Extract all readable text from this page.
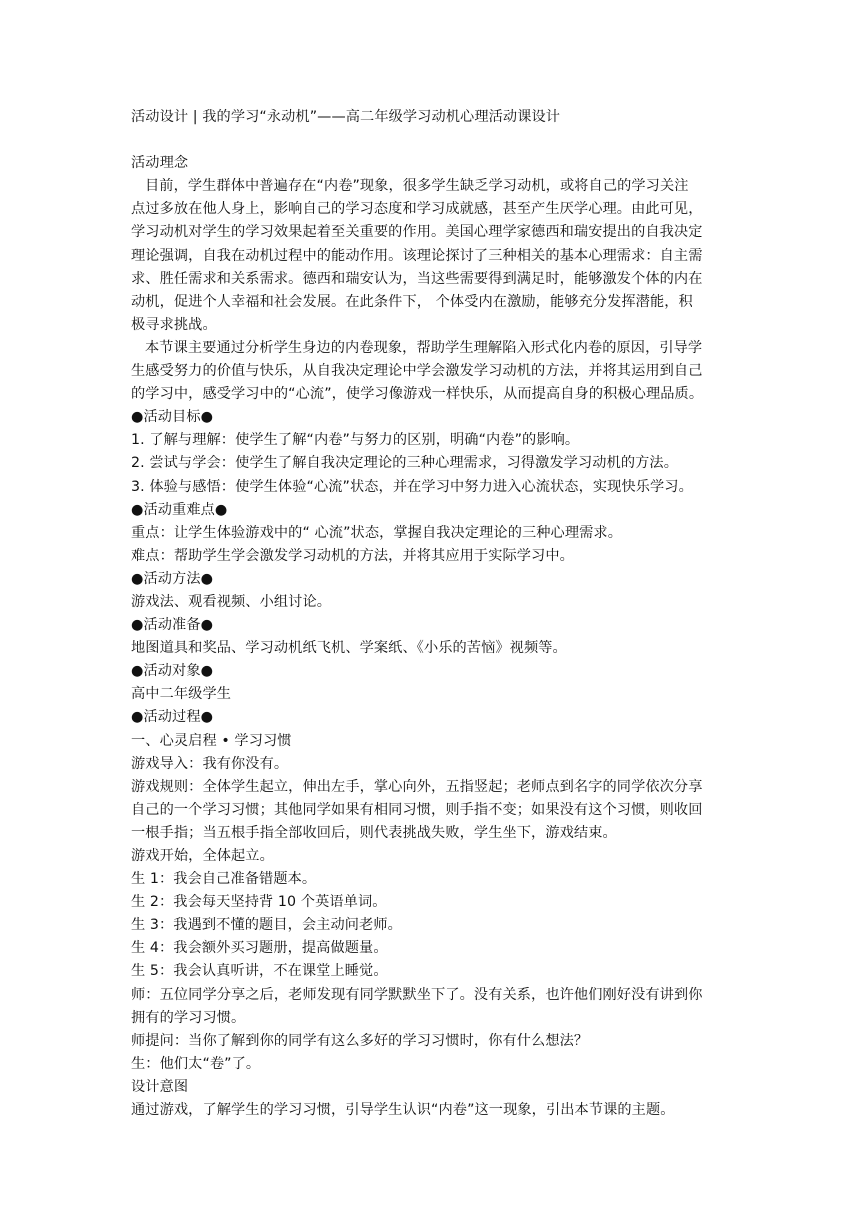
活动设计 | 我的学习“永动机”——高二年级学习动机心理活动课设计
活动理念
目前，学生群体中普遍存在“内卷”现象，很多学生缺乏学习动机，或将自己的学习关注
点过多放在他人身上，影响自己的学习态度和学习成就感，甚至产生厌学心理。由此可见，
学习动机对学生的学习效果起着至关重要的作用。美国心理学家德西和瑞安提出的自我决定
理论强调，自我在动机过程中的能动作用。该理论探讨了三种相关的基本心理需求：自主需
求、胜任需求和关系需求。德西和瑞安认为，当这些需要得到满足时，能够激发个体的内在
动机，促进个人幸福和社会发展。在此条件下， 个体受内在激励，能够充分发挥潜能，积
极寻求挑战。
本节课主要通过分析学生身边的内卷现象，帮助学生理解陷入形式化内卷的原因，引导学
生感受努力的价值与快乐，从自我决定理论中学会激发学习动机的方法，并将其运用到自己
的学习中，感受学习中的“心流”，使学习像游戏一样快乐，从而提高自身的积极心理品质。
●活动目标●
1. 了解与理解：使学生了解“内卷”与努力的区别，明确“内卷”的影响。
2. 尝试与学会：使学生了解自我决定理论的三种心理需求，习得激发学习动机的方法。
3. 体验与感悟：使学生体验“心流”状态，并在学习中努力进入心流状态，实现快乐学习。
●活动重难点●
重点：让学生体验游戏中的“ 心流”状态，掌握自我决定理论的三种心理需求。
难点：帮助学生学会激发学习动机的方法，并将其应用于实际学习中。
●活动方法●
游戏法、观看视频、小组讨论。
●活动准备●
地图道具和奖品、学习动机纸飞机、学案纸、《小乐的苦恼》视频等。
●活动对象●
高中二年级学生
●活动过程●
一、心灵启程 • 学习习惯
游戏导入：我有你没有。
游戏规则：全体学生起立，伸出左手，掌心向外，五指竖起；老师点到名字的同学依次分享
自己的一个学习习惯；其他同学如果有相同习惯，则手指不变；如果没有这个习惯，则收回
一根手指；当五根手指全部收回后，则代表挑战失败，学生坐下，游戏结束。
游戏开始，全体起立。
生 1：我会自己准备错题本。
生 2：我会每天坚持背 10 个英语单词。
生 3：我遇到不懂的题目，会主动问老师。
生 4：我会额外买习题册，提高做题量。
生 5：我会认真听讲，不在课堂上睡觉。
师：五位同学分享之后，老师发现有同学默默坐下了。没有关系，也许他们刚好没有讲到你
拥有的学习习惯。
师提问：当你了解到你的同学有这么多好的学习习惯时，你有什么想法？
生：他们太“卷”了。
设计意图
通过游戏，了解学生的学习习惯，引导学生认识“内卷”这一现象，引出本节课的主题。
